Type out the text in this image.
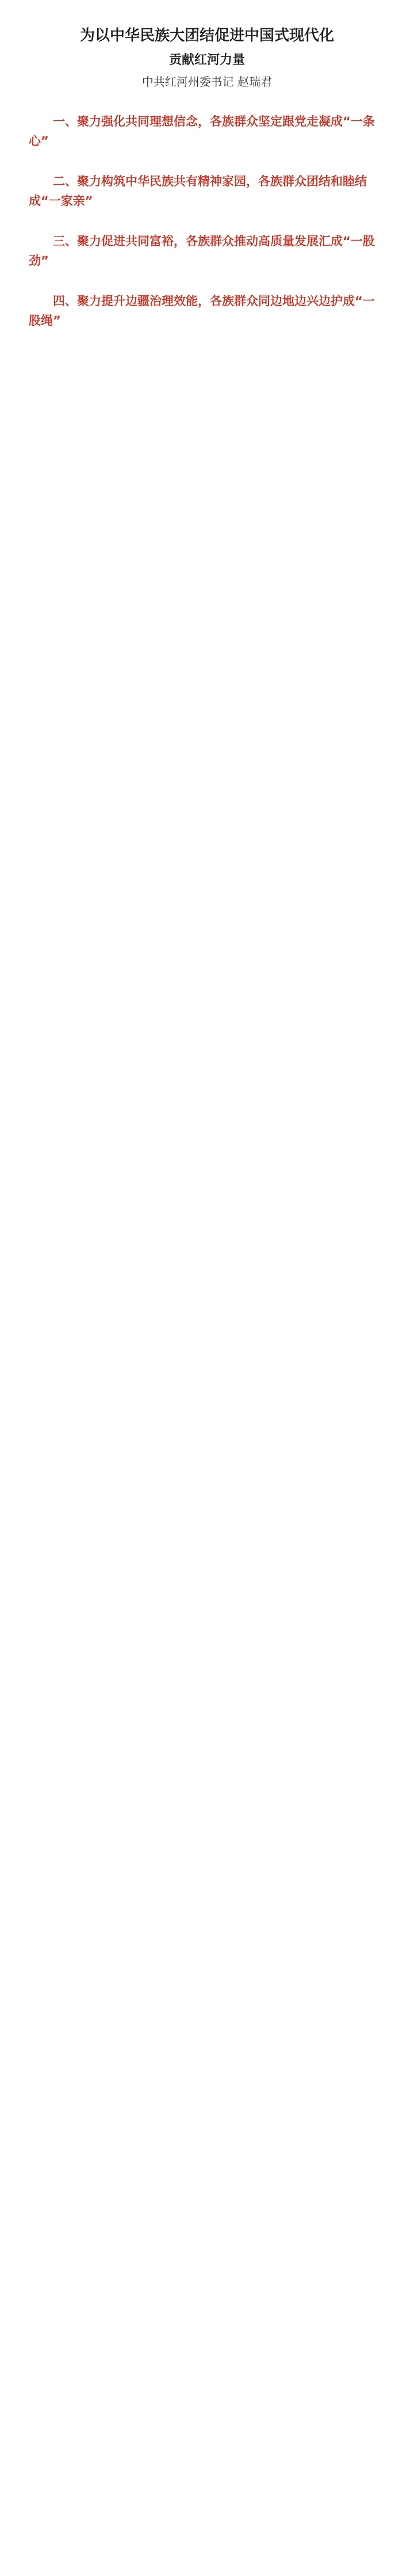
为以中华民族大团结促进中国式现代化
贡献红河力量
中共红河州委书记 赵瑞君
一、聚力强化共同理想信念，各族群众坚定跟党走凝成“一条心”
二、聚力构筑中华民族共有精神家园，各族群众团结和睦结成“一家亲”
三、聚力促进共同富裕，各族群众推动高质量发展汇成“一股劲”
四、聚力提升边疆治理效能，各族群众同边地边兴边护成“一股绳”
